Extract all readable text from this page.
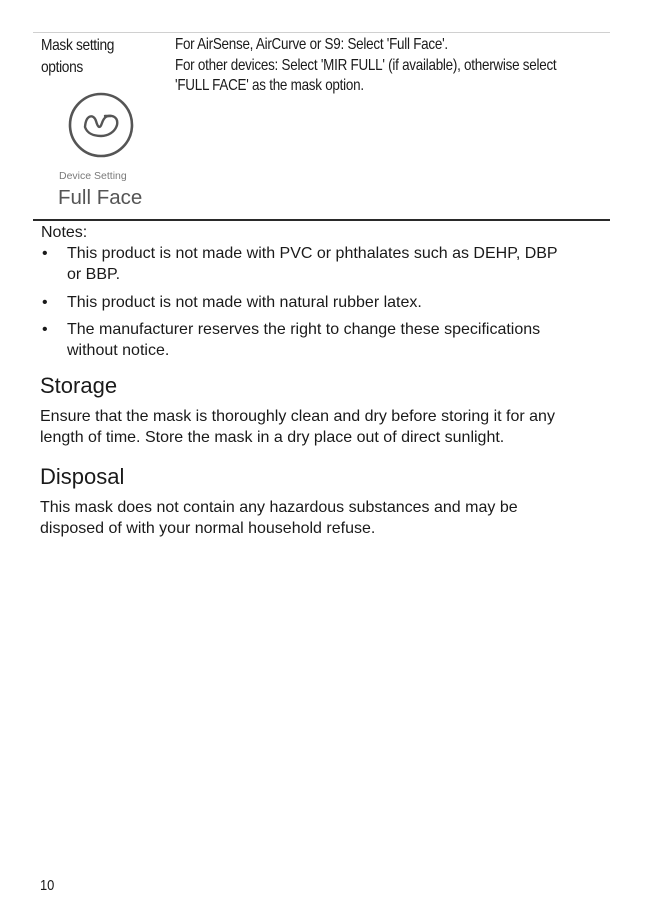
Mask setting
options
For AirSense, AirCurve or S9: Select 'Full Face'.
For other devices: Select 'MIR FULL' (if available), otherwise select
'FULL FACE' as the mask option.
Device Setting
Full Face
Notes:
• This product is not made with PVC or phthalates such as DEHP, DBP
or BBP.
• This product is not made with natural rubber latex.
• The manufacturer reserves the right to change these specifications
without notice.
Storage

Ensure that the mask is thoroughly clean and dry before storing it for any
length of time. Store the mask in a dry place out of direct sunlight.

Disposal

This mask does not contain any hazardous substances and may be
disposed of with your normal household refuse.

10
